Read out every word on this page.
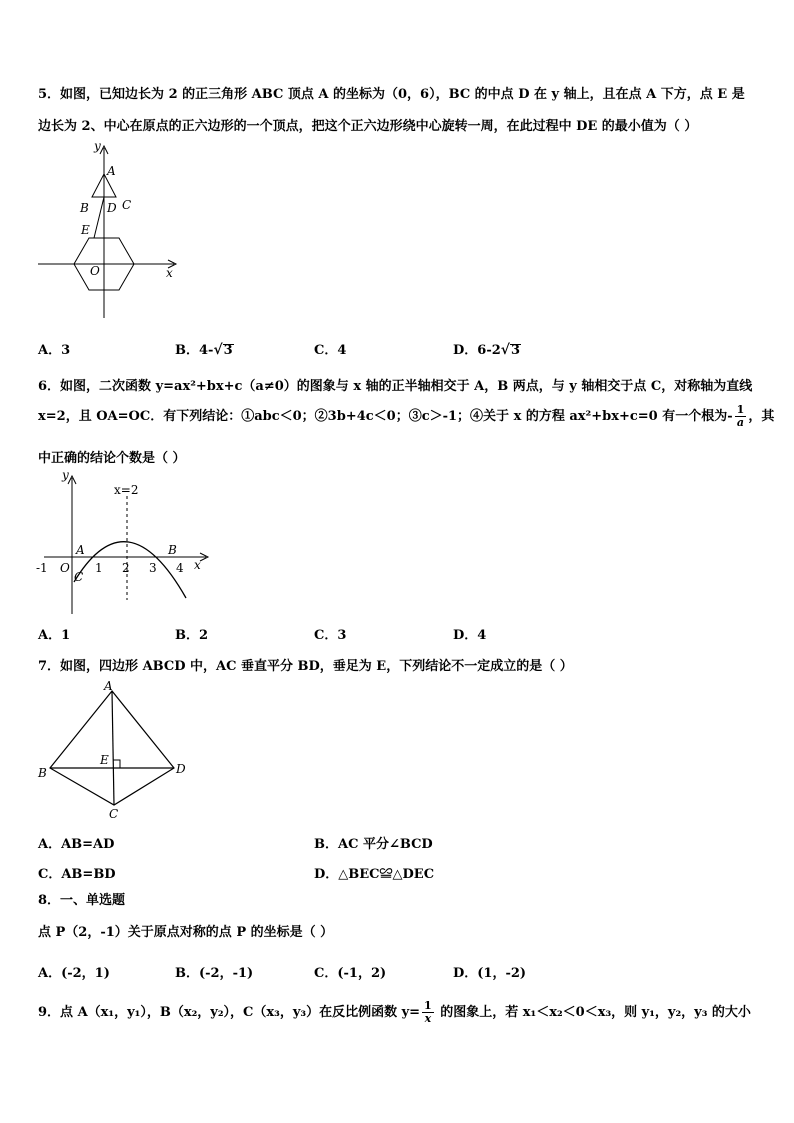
5．如图，已知边长为 2 的正三角形 ABC 顶点 A 的坐标为（0，6），BC 的中点 D 在 y 轴上，且在点 A 下方，点 E 是
边长为 2、中心在原点的正六边形的一个顶点，把这个正六边形绕中心旋转一周，在此过程中 DE 的最小值为（ ）
y
x
A
B D C
E
O
A．3	B．4-√3	C．4	D．6-2√3
6．如图，二次函数 y=ax²+bx+c（a≠0）的图象与 x 轴的正半轴相交于 A，B 两点，与 y 轴相交于点 C，对称轴为直线
x=2，且 OA=OC．有下列结论：①abc＜0；②3b+4c＜0；③c＞-1；④关于 x 的方程 ax²+bx+c=0 有一个根为- $\frac{1}{a}$ ，其
中正确的结论个数是（ ）
y
x
x=2
A	B
C
O
-1	1 2 3 4
A．1	B．2	C．3	D．4
7．如图，四边形 ABCD 中，AC 垂直平分 BD，垂足为 E，下列结论不一定成立的是（ ）
A
B
C
D
E
A．AB=AD	B．AC 平分∠BCD
C．AB=BD	D．△BEC≌△DEC
8．一、单选题
点 P（2，-1）关于原点对称的点 P 的坐标是（ ）
A．(-2，1)	B．(-2，-1)	C．(-1，2)	D．(1，-2)
9．点 A（x₁，y₁），B（x₂，y₂），C（x₃，y₃）在反比例函数 $y= \frac{1}{x}$ 的图象上，若 x₁＜x₂＜0＜x₃，则 y₁，y₂，y₃ 的大小
